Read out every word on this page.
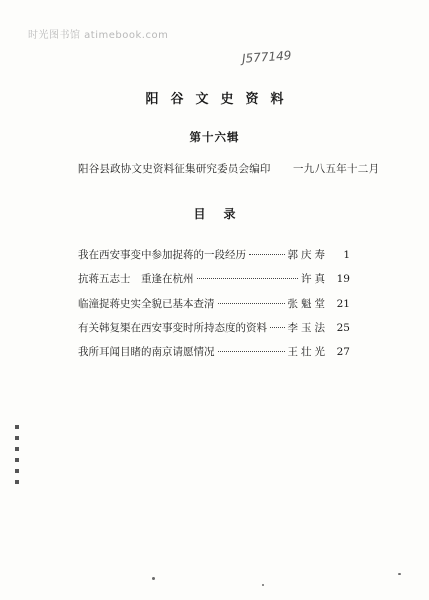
时光图书馆 atimebook.com
J577149
阳谷文史资料
第十六辑
阳谷县政协文史资料征集研究委员会编印 一九八五年十二月
目录
我在西安事变中参加捉蒋的一段经历	郭庆寿	1
抗蒋五志士　重逢在杭州	许真 19
临潼捉蒋史实全貌已基本查清	张魁堂 21
有关韩复榘在西安事变时所持态度的资料 李玉法 25
我所耳闻目睹的南京请愿情况	王壮光 27
